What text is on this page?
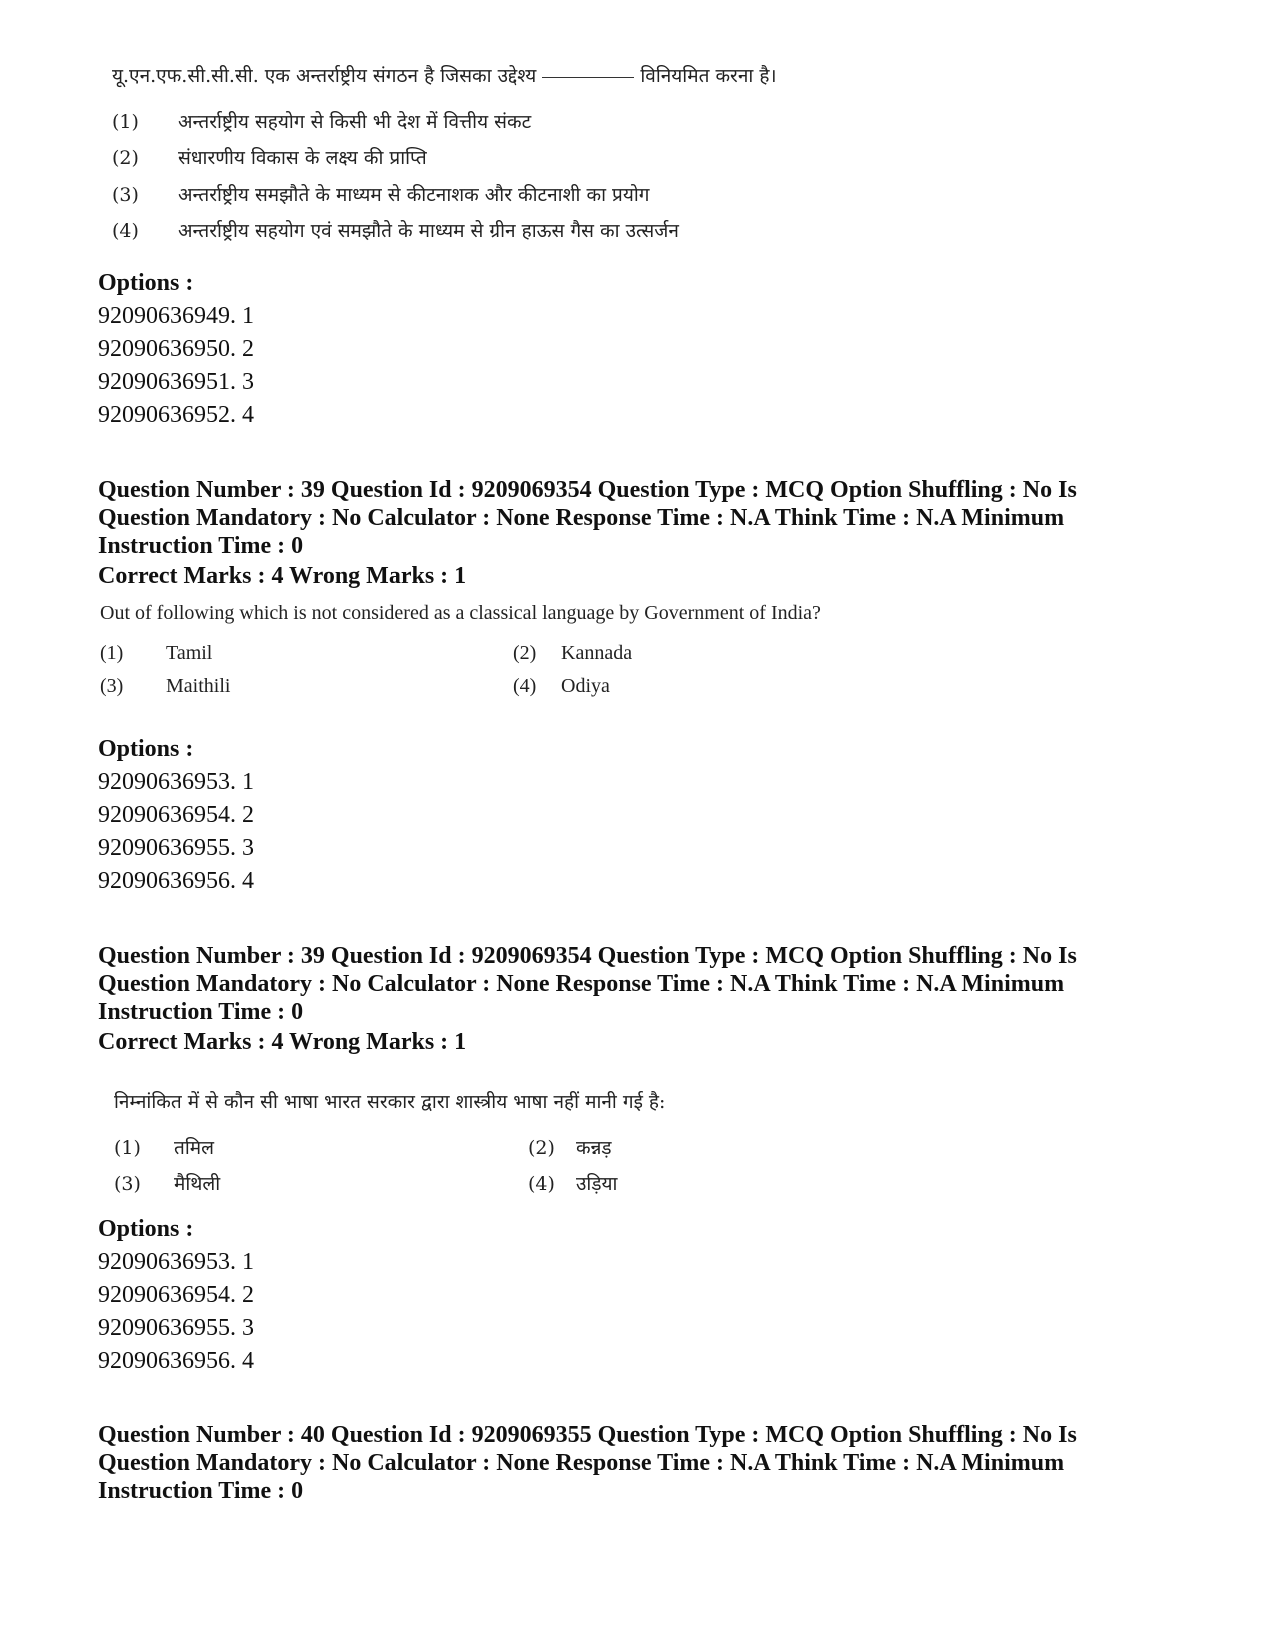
यू.एन.एफ.सी.सी.सी. एक अन्तर्राष्ट्रीय संगठन है जिसका उद्देश्य	विनियमित करना है।
(1) अन्तर्राष्ट्रीय सहयोग से किसी भी देश में वित्तीय संकट
(2) संधारणीय विकास के लक्ष्य की प्राप्ति
(3) अन्तर्राष्ट्रीय समझौते के माध्यम से कीटनाशक और कीटनाशी का प्रयोग
(4) अन्तर्राष्ट्रीय सहयोग एवं समझौते के माध्यम से ग्रीन हाऊस गैस का उत्सर्जन
Options :
92090636949. 1
92090636950. 2
92090636951. 3
92090636952. 4
Question Number : 39 Question Id : 9209069354 Question Type : MCQ Option Shuffling : No Is
Question Mandatory : No Calculator : None Response Time : N.A Think Time : N.A Minimum
Instruction Time : 0
Correct Marks : 4 Wrong Marks : 1
Out of following which is not considered as a classical language by Government of India?
(1) Tamil	(2) Kannada
(3) Maithili	(4) Odiya
Options :
92090636953. 1
92090636954. 2
92090636955. 3
92090636956. 4
Question Number : 39 Question Id : 9209069354 Question Type : MCQ Option Shuffling : No Is
Question Mandatory : No Calculator : None Response Time : N.A Think Time : N.A Minimum
Instruction Time : 0
Correct Marks : 4 Wrong Marks : 1
निम्नांकित में से कौन सी भाषा भारत सरकार द्वारा शास्त्रीय भाषा नहीं मानी गई है:
(1) तमिल	(2) कन्नड़
(3) मैथिली	(4) उड़िया
Options :
92090636953. 1
92090636954. 2
92090636955. 3
92090636956. 4
Question Number : 40 Question Id : 9209069355 Question Type : MCQ Option Shuffling : No Is
Question Mandatory : No Calculator : None Response Time : N.A Think Time : N.A Minimum
Instruction Time : 0
